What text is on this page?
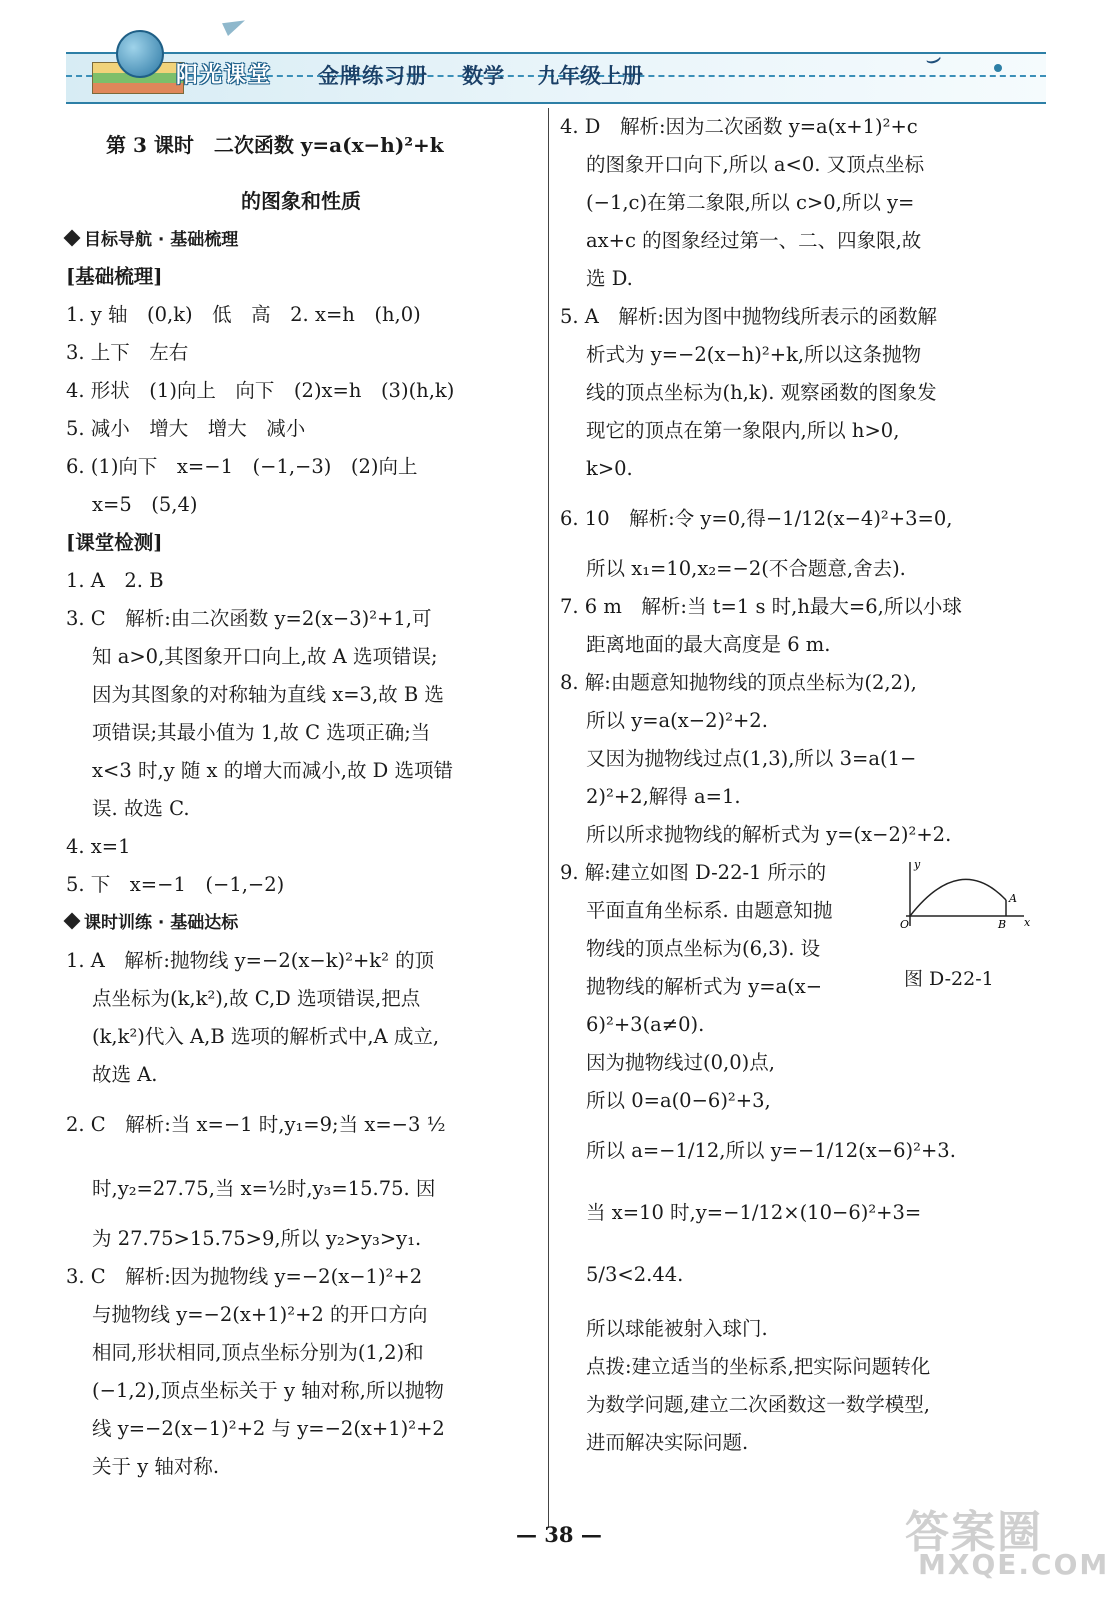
⌣
阳光课堂 金牌练习册 数学 九年级上册
第 3 课时　二次函数 y=a(x−h)²+k
的图象和性质
目标导航 · 基础梳理
[基础梳理]
1. y 轴　(0,k)　低　高　2. x=h　(h,0)
3. 上下　左右
4. 形状　(1)向上　向下　(2)x=h　(3)(h,k)
5. 减小　增大　增大　减小
6. (1)向下　x=−1　(−1,−3)　(2)向上
x=5　(5,4)
[课堂检测]
1. A　2. B
3. C　解析:由二次函数 y=2(x−3)²+1,可
知 a>0,其图象开口向上,故 A 选项错误;
因为其图象的对称轴为直线 x=3,故 B 选
项错误;其最小值为 1,故 C 选项正确;当
x<3 时,y 随 x 的增大而减小,故 D 选项错
误. 故选 C.
4. x=1
5. 下　x=−1　(−1,−2)
课时训练 · 基础达标
1. A　解析:抛物线 y=−2(x−k)²+k² 的顶
点坐标为(k,k²),故 C,D 选项错误,把点
(k,k²)代入 A,B 选项的解析式中,A 成立,
故选 A.
2. C　解析:当 x=−1 时,y₁=9;当 x=−3 ½
时,y₂=27.75,当 x=½时,y₃=15.75. 因
为 27.75>15.75>9,所以 y₂>y₃>y₁.
3. C　解析:因为抛物线 y=−2(x−1)²+2
与抛物线 y=−2(x+1)²+2 的开口方向
相同,形状相同,顶点坐标分别为(1,2)和
(−1,2),顶点坐标关于 y 轴对称,所以抛物
线 y=−2(x−1)²+2 与 y=−2(x+1)²+2
关于 y 轴对称.
4. D　解析:因为二次函数 y=a(x+1)²+c
的图象开口向下,所以 a<0. 又顶点坐标
(−1,c)在第二象限,所以 c>0,所以 y=
ax+c 的图象经过第一、二、四象限,故
选 D.
5. A　解析:因为图中抛物线所表示的函数解
析式为 y=−2(x−h)²+k,所以这条抛物
线的顶点坐标为(h,k). 观察函数的图象发
现它的顶点在第一象限内,所以 h>0,
k>0.
6. 10　解析:令 y=0,得−1/12(x−4)²+3=0,
所以 x₁=10,x₂=−2(不合题意,舍去).
7. 6 m　解析:当 t=1 s 时,h最大=6,所以小球
距离地面的最大高度是 6 m.
8. 解:由题意知抛物线的顶点坐标为(2,2),
所以 y=a(x−2)²+2.
又因为抛物线过点(1,3),所以 3=a(1−
2)²+2,解得 a=1.
所以所求抛物线的解析式为 y=(x−2)²+2.
9. 解:建立如图 D-22-1 所示的
平面直角坐标系. 由题意知抛
物线的顶点坐标为(6,3). 设
抛物线的解析式为 y=a(x−
6)²+3(a≠0).
因为抛物线过(0,0)点,
所以 0=a(0−6)²+3,
所以 a=−1/12,所以 y=−1/12(x−6)²+3.
当 x=10 时,y=−1/12×(10−6)²+3=
5/3<2.44.
所以球能被射入球门.
点拨:建立适当的坐标系,把实际问题转化
为数学问题,建立二次函数这一数学模型,
进而解决实际问题.
y
x
O
A
B
图 D-22-1
— 38 —	答案圈
MXQE.COM
